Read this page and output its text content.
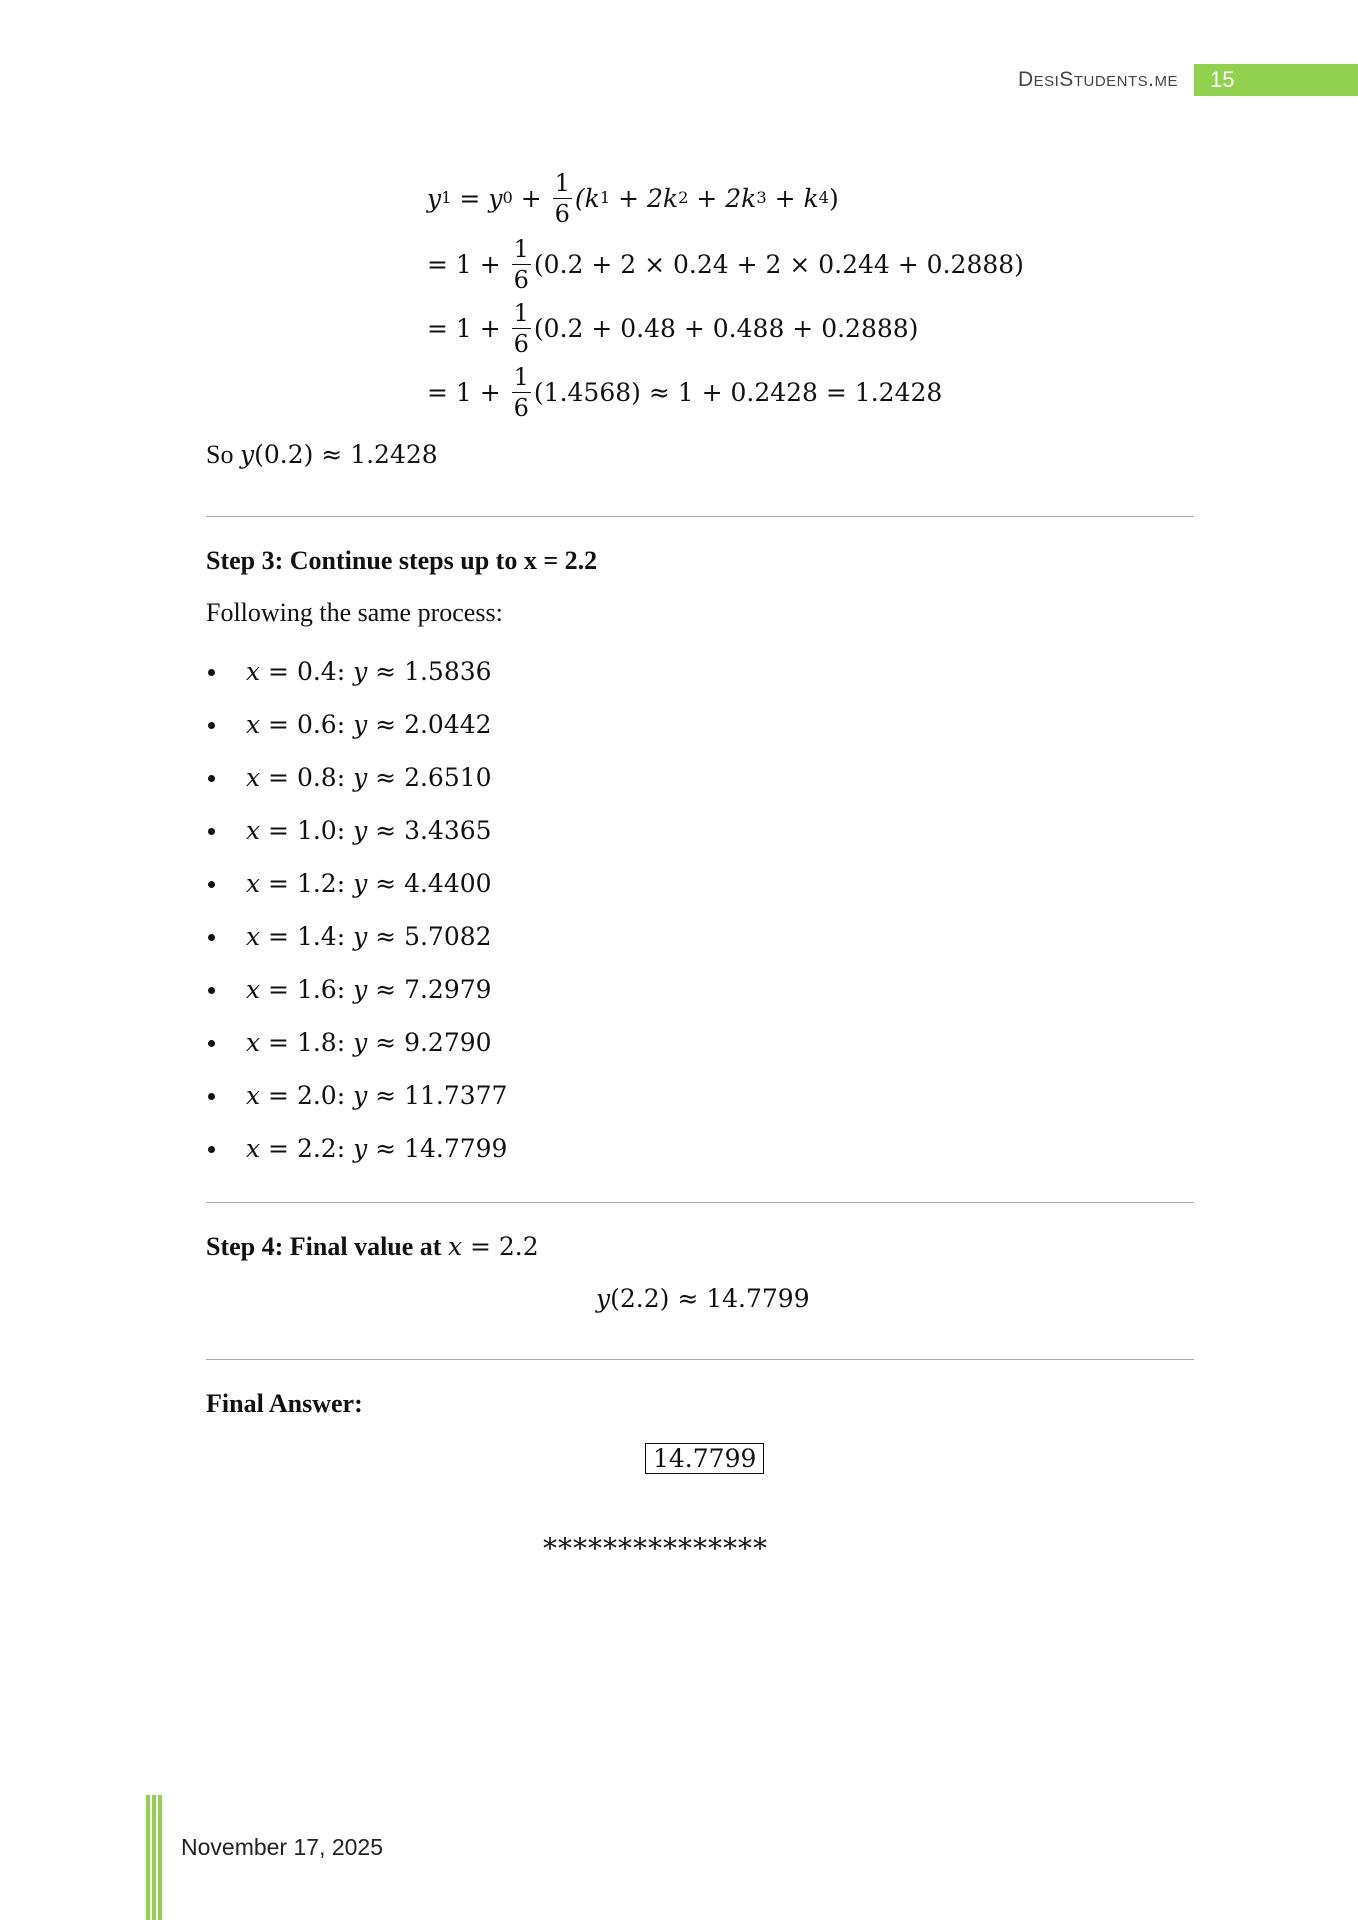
DesiStudents.me 15
y 1 = y $0 + \frac{1}{6} (k$ 1 + 2k 2 + 2k 3 + k 4 )
= $1 + \frac{1}{6} (0.2 + 2 \times 0.24 + 2 \times 0.244 + 0.2888)$
= $1 + \frac{1}{6} (0.2 + 0.48 + 0.488 + 0.2888)$
= $1 + \frac{1}{6} (1.4568) \approx 1 + 0.2428 = 1.2428$
So y(0.2) ≈ 1.2428
Step 3: Continue steps up to x = 2.2
Following the same process:
x = 0.4 : y ≈ 1.5836
x = 0.6 : y ≈ 2.0442
x = 0.8 : y ≈ 2.6510
x = 1.0 : y ≈ 3.4365
x = 1.2 : y ≈ 4.4400
x = 1.4 : y ≈ 5.7082
x = 1.6 : y ≈ 7.2979
x = 1.8 : y ≈ 9.2790
x = 2.0 : y ≈ 11.7377
x = 2.2 : y ≈ 14.7799
Step 4: Final value at x = 2.2
y(2.2) ≈ 14.7799
Final Answer:
14.7799
***************
November 17, 2025
